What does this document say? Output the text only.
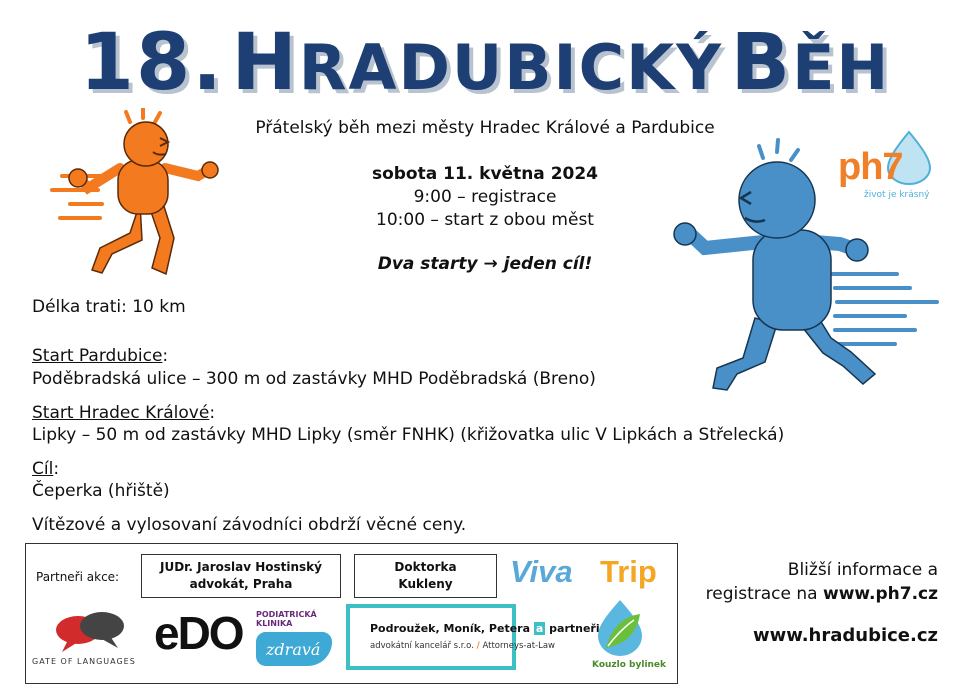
18. HRADUBICKÝ BĚH
Přátelský běh mezi městy Hradec Králové a Pardubice
ph7
život je krásný
sobota 11. května 2024
9:00 – registrace
10:00 – start z obou měst
Dva starty → jeden cíl!
Délka trati: 10 km
Start Pardubice:
Poděbradská ulice – 300 m od zastávky MHD Poděbradská (Breno)
Start Hradec Králové:
Lipky – 50 m od zastávky MHD Lipky (směr FNHK) (křižovatka ulic V Lipkách a Střelecká)
Cíl:
Čeperka (hřiště)
Vítězové a vylosovaní závodníci obdrží věcné ceny.
Partneři akce:
JUDr. Jaroslav Hostinský
advokát, Praha
Doktorka
Kukleny	Viva Trip
GATE OF LANGUAGES
eDO PODIATRICKÁ
KLINIKA
zdravá
Podroužek, Moník, Petera a partneři
advokátní kancelář s.r.o. / Attorneys-at-Law
Kouzlo bylinek
Bližší informace a
registrace na www.ph7.cz
www.hradubice.cz
